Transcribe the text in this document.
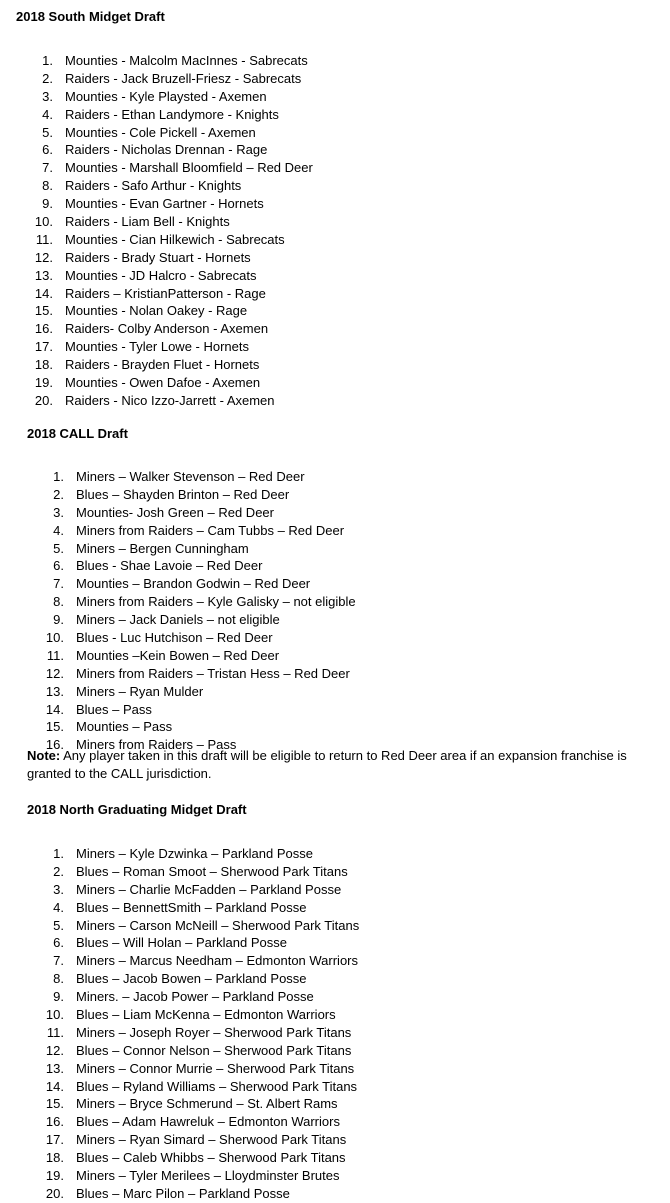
2018 South Midget Draft

1. Mounties - Malcolm MacInnes - Sabrecats
2. Raiders - Jack Bruzell-Friesz - Sabrecats
3. Mounties - Kyle Playsted - Axemen
4. Raiders - Ethan Landymore - Knights
5. Mounties - Cole Pickell - Axemen
6. Raiders - Nicholas Drennan - Rage
7. Mounties - Marshall Bloomfield – Red Deer
8. Raiders - Safo Arthur - Knights
9. Mounties - Evan Gartner - Hornets
10. Raiders - Liam Bell - Knights
11. Mounties - Cian Hilkewich - Sabrecats
12. Raiders - Brady Stuart - Hornets
13. Mounties - JD Halcro - Sabrecats
14. Raiders – KristianPatterson - Rage
15. Mounties - Nolan Oakey - Rage
16. Raiders- Colby Anderson - Axemen
17. Mounties - Tyler Lowe - Hornets
18. Raiders - Brayden Fluet - Hornets
19. Mounties - Owen Dafoe - Axemen
20. Raiders - Nico Izzo-Jarrett - Axemen

2018 CALL Draft

1. Miners – Walker Stevenson – Red Deer
2. Blues – Shayden Brinton – Red Deer
3. Mounties- Josh Green – Red Deer
4. Miners from Raiders – Cam Tubbs – Red Deer
5. Miners – Bergen Cunningham
6. Blues - Shae Lavoie – Red Deer
7. Mounties – Brandon Godwin – Red Deer
8. Miners from Raiders – Kyle Galisky – not eligible
9. Miners – Jack Daniels – not eligible
10. Blues - Luc Hutchison – Red Deer
11. Mounties –Kein Bowen – Red Deer
12. Miners from Raiders – Tristan Hess – Red Deer
13. Miners – Ryan Mulder
14. Blues – Pass
15. Mounties – Pass
16. Miners from Raiders – Pass

Note: Any player taken in this draft will be eligible to return to Red Deer area if an expansion franchise is granted to the CALL jurisdiction.

2018 North Graduating Midget Draft

1. Miners – Kyle Dzwinka – Parkland Posse
2. Blues – Roman Smoot – Sherwood Park Titans
3. Miners – Charlie McFadden – Parkland Posse
4. Blues – BennettSmith – Parkland Posse
5. Miners – Carson McNeill – Sherwood Park Titans
6. Blues – Will Holan – Parkland Posse
7. Miners – Marcus Needham – Edmonton Warriors
8. Blues – Jacob Bowen – Parkland Posse
9. Miners. – Jacob Power – Parkland Posse
10. Blues – Liam McKenna – Edmonton Warriors
11. Miners – Joseph Royer – Sherwood Park Titans
12. Blues – Connor Nelson – Sherwood Park Titans
13. Miners – Connor Murrie – Sherwood Park Titans
14. Blues – Ryland Williams – Sherwood Park Titans
15. Miners – Bryce Schmerund – St. Albert Rams
16. Blues – Adam Hawreluk – Edmonton Warriors
17. Miners – Ryan Simard – Sherwood Park Titans
18. Blues – Caleb Whibbs – Sherwood Park Titans
19. Miners – Tyler Merilees – Lloydminster Brutes
20. Blues – Marc Pilon – Parkland Posse
